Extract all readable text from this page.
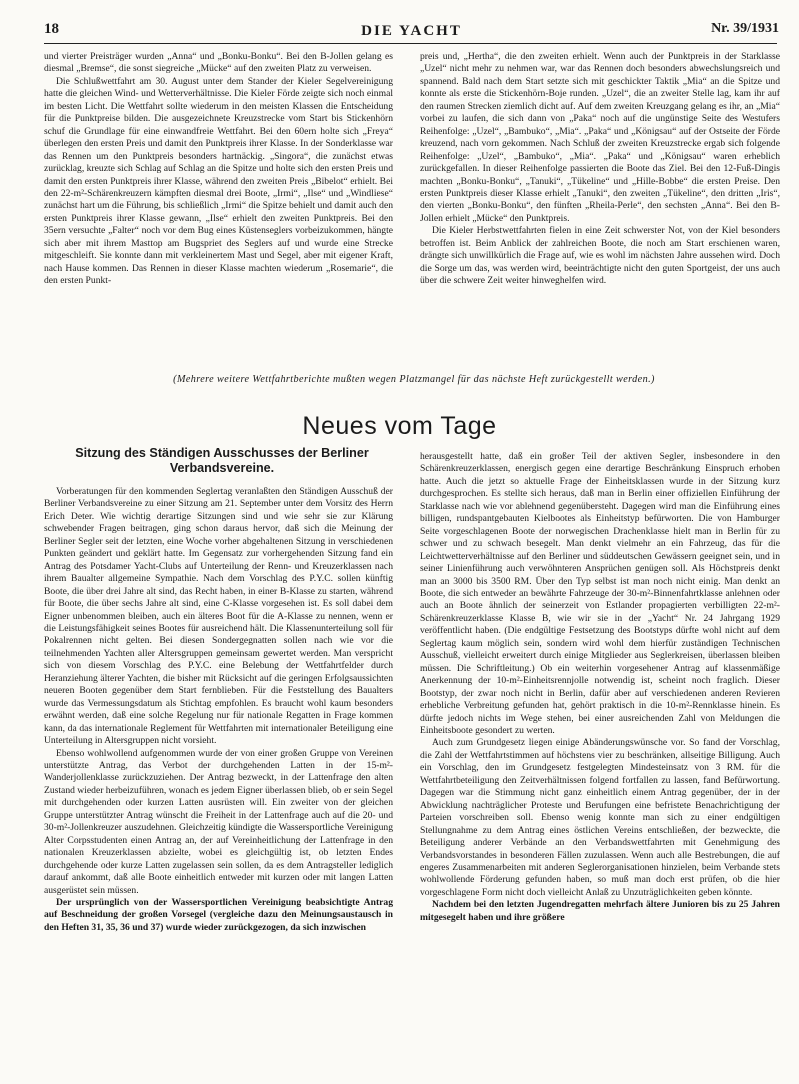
18	DIE YACHT	Nr. 39/1931

und vierter Preisträger wurden „Anna“ und „Bonku-Bonku“. Bei den B-Jollen gelang es diesmal „Bremse“, die sonst siegreiche „Mücke“ auf den zweiten Platz zu verweisen.

Die Schlußwettfahrt am 30. August unter dem Stander der Kieler Segelvereinigung hatte die gleichen Wind- und Wetterverhältnisse. Die Kieler Förde zeigte sich noch einmal im besten Licht. Die Wettfahrt sollte wiederum in den meisten Klassen die Entscheidung für die Punktpreise bilden. Die ausgezeichnete Kreuzstrecke vom Start bis Stickenhörn schuf die Grundlage für eine einwandfreie Wettfahrt. Bei den 60ern holte sich „Freya“ überlegen den ersten Preis und damit den Punktpreis ihrer Klasse. In der Sonderklasse war das Rennen um den Punktpreis besonders hartnäckig. „Singora“, die zunächst etwas zurücklag, kreuzte sich Schlag auf Schlag an die Spitze und holte sich den ersten Preis und damit den ersten Punktpreis ihrer Klasse, während den zweiten Preis „Bibelot“ erhielt. Bei den 22-m²-Schärenkreuzern kämpften diesmal drei Boote, „Irmi“, „Ilse“ und „Windliese“ zunächst hart um die Führung, bis schließlich „Irmi“ die Spitze behielt und damit auch den ersten Punktpreis ihrer Klasse gewann, „Ilse“ erhielt den zweiten Punktpreis. Bei den 35ern versuchte „Falter“ noch vor dem Bug eines Küstenseglers vorbeizukommen, hängte sich aber mit ihrem Masttop am Bugspriet des Seglers auf und wurde eine Strecke mitgeschleift. Sie konnte dann mit verkleinertem Mast und Segel, aber mit eigener Kraft, nach Hause kommen. Das Rennen in dieser Klasse machten wiederum „Rosemarie“, die den ersten Punkt-

preis und, „Hertha“, die den zweiten erhielt. Wenn auch der Punktpreis in der Starklasse „Uzel“ nicht mehr zu nehmen war, war das Rennen doch besonders abwechslungsreich und spannend. Bald nach dem Start setzte sich mit geschickter Taktik „Mia“ an die Spitze und konnte als erste die Stickenhörn-Boje runden. „Uzel“, die an zweiter Stelle lag, kam ihr auf den raumen Strecken ziemlich dicht auf. Auf dem zweiten Kreuzgang gelang es ihr, an „Mia“ vorbei zu laufen, die sich dann von „Paka“ noch auf die ungünstige Seite des Westufers Reihenfolge: „Uzel“, „Bambuko“, „Mia“. „Paka“ und „Königsau“ auf der Ostseite der Förde kreuzend, nach vorn gekommen. Nach Schluß der zweiten Kreuzstrecke ergab sich folgende Reihenfolge: „Uzel“, „Bambuko“, „Mia“. „Paka“ und „Königsau“ waren erheblich zurückgefallen. In dieser Reihenfolge passierten die Boote das Ziel. Bei den 12-Fuß-Dingis machten „Bonku-Bonku“, „Tanuki“, „Tükeline“ und „Hille-Bobbe“ die ersten Preise. Den ersten Punktpreis dieser Klasse erhielt „Tanuki“, den zweiten „Tükeline“, den dritten „Iris“, den vierten „Bonku-Bonku“, den fünften „Rheila-Perle“, den sechsten „Anna“. Bei den B-Jollen erhielt „Mücke“ den Punktpreis.

Die Kieler Herbstwettfahrten fielen in eine Zeit schwerster Not, von der Kiel besonders betroffen ist. Beim Anblick der zahlreichen Boote, die noch am Start erschienen waren, drängte sich unwillkürlich die Frage auf, wie es wohl im nächsten Jahre aussehen wird. Doch die Sorge um das, was werden wird, beeinträchtigte nicht den guten Sportgeist, der uns auch über die schwere Zeit weiter hinweghelfen wird.

(Mehrere weitere Wettfahrtberichte mußten wegen Platzmangel für das nächste Heft zurückgestellt werden.)
Neues vom Tage
Sitzung des Ständigen Ausschusses der Berliner Verbandsvereine.

Vorberatungen für den kommenden Seglertag veranlaßten den Ständigen Ausschuß der Berliner Verbandsvereine zu einer Sitzung am 21. September unter dem Vorsitz des Herrn Erich Deter. Wie wichtig derartige Sitzungen sind und wie sehr sie zur Klärung schwebender Fragen beitragen, ging schon daraus hervor, daß sich die Meinung der Berliner Segler seit der letzten, eine Woche vorher abgehaltenen Sitzung in verschiedenen Punkten geändert und geklärt hatte. Im Gegensatz zur vorhergehenden Sitzung fand ein Antrag des Potsdamer Yacht-Clubs auf Unterteilung der Renn- und Kreuzerklassen nach ihrem Baualter allgemeine Sympathie. Nach dem Vorschlag des P.Y.C. sollen künftig Boote, die über drei Jahre alt sind, das Recht haben, in einer B-Klasse zu starten, während für Boote, die über sechs Jahre alt sind, eine C-Klasse vorgesehen ist. Es soll dabei dem Eigner unbenommen bleiben, auch ein älteres Boot für die A-Klasse zu nennen, wenn er die Leistungsfähigkeit seines Bootes für ausreichend hält. Die Klassenunterteilung soll für Pokalrennen nicht gelten. Bei diesen Sondergegnatten sollen nach wie vor die teilnehmenden Yachten aller Altersgruppen gemeinsam gewertet werden. Man verspricht sich von diesem Vorschlag des P.Y.C. eine Belebung der Wettfahrtfelder durch Heranziehung älterer Yachten, die bisher mit Rücksicht auf die geringen Erfolgsaussichten neueren Booten gegenüber dem Start fernblieben. Für die Feststellung des Baualters wurde das Vermessungsdatum als Stichtag empfohlen. Es braucht wohl kaum besonders erwähnt werden, daß eine solche Regelung nur für nationale Regatten in Frage kommen kann, da das internationale Reglement für Wettfahrten mit internationaler Beteiligung eine Unterteilung in Altersgruppen nicht vorsieht.

Ebenso wohlwollend aufgenommen wurde der von einer großen Gruppe von Vereinen unterstützte Antrag, das Verbot der durchgehenden Latten in der 15-m²-Wanderjollenklasse zurückzuziehen. Der Antrag bezweckt, in der Lattenfrage den alten Zustand wieder herbeizuführen, wonach es jedem Eigner überlassen blieb, ob er sein Segel mit durchgehenden oder kurzen Latten ausrüsten will. Ein zweiter von der gleichen Gruppe unterstützter Antrag wünscht die Freiheit in der Lattenfrage auch auf die 20- und 30-m²-Jollenkreuzer auszudehnen. Gleichzeitig kündigte die Wassersportliche Vereinigung Alter Corpsstudenten einen Antrag an, der auf Vereinheitlichung der Lattenfrage in den nationalen Kreuzerklassen abzielte, wobei es gleichgültig ist, ob letzten Endes durchgehende oder kurze Latten zugelassen sein sollen, da es dem Antragsteller lediglich darauf ankommt, daß alle Boote einheitlich entweder mit kurzen oder mit langen Latten ausgerüstet sein müssen.

Der ursprünglich von der Wassersportlichen Vereinigung beabsichtigte Antrag auf Beschneidung der großen Vorsegel (vergleiche dazu den Meinungsaustausch in den Heften 31, 35, 36 und 37) wurde wieder zurückgezogen, da sich inzwischen

herausgestellt hatte, daß ein großer Teil der aktiven Segler, insbesondere in den Schärenkreuzerklassen, energisch gegen eine derartige Beschränkung Einspruch erhoben hatte. Auch die jetzt so aktuelle Frage der Einheitsklassen wurde in der Sitzung kurz durchgesprochen. Es stellte sich heraus, daß man in Berlin einer offiziellen Einführung der Starklasse nach wie vor ablehnend gegenübersteht. Dagegen wird man die Einführung eines billigen, rundspantgebauten Kielbootes als Einheitstyp befürworten. Die von Hamburger Seite vorgeschlagenen Boote der norwegischen Drachenklasse hielt man in Berlin für zu schwer und zu schwach besegelt. Man denkt vielmehr an ein Fahrzeug, das für die Leichtwetterverhältnisse auf den Berliner und süddeutschen Gewässern geeignet sein, und in seiner Linienführung auch verwöhnteren Ansprüchen genügen soll. Als Höchstpreis denkt man an 3000 bis 3500 RM. Über den Typ selbst ist man noch nicht einig. Man denkt an Boote, die sich entweder an bewährte Fahrzeuge der 30-m²-Binnenfahrtklasse anlehnen oder auch an Boote ähnlich der seinerzeit von Estlander propagierten verbilligten 22-m²-Schärenkreuzerklasse Klasse B, wie wir sie in der „Yacht“ Nr. 24 Jahrgang 1929 veröffentlicht haben. (Die endgültige Festsetzung des Bootstyps dürfte wohl nicht auf dem Seglertag kaum möglich sein, sondern wird wohl dem hierfür zuständigen Technischen Ausschuß, vielleicht erweitert durch einige Mitglieder aus Seglerkreisen, überlassen bleiben müssen. Die Schriftleitung.) Ob ein weiterhin vorgesehener Antrag auf klassenmäßige Anerkennung der 10-m²-Einheitsrennjolle notwendig ist, scheint noch fraglich. Dieser Bootstyp, der zwar noch nicht in Berlin, dafür aber auf verschiedenen anderen Revieren erhebliche Verbreitung gefunden hat, gehört praktisch in die 10-m²-Rennklasse hinein. Es dürfte jedoch nichts im Wege stehen, bei einer ausreichenden Zahl von Meldungen die Einheitsboote gesondert zu werten.

Auch zum Grundgesetz liegen einige Abänderungswünsche vor. So fand der Vorschlag, die Zahl der Wettfahrtstimmen auf höchstens vier zu beschränken, allseitige Billigung. Auch ein Vorschlag, den im Grundgesetz festgelegten Mindesteinsatz von 3 RM. für die Wettfahrtbeteiligung den Zeitverhältnissen folgend fortfallen zu lassen, fand Befürwortung. Dagegen war die Stimmung nicht ganz einheitlich einem Antrag gegenüber, der in der Abwicklung nachträglicher Proteste und Berufungen eine befristete Benachrichtigung der Parteien vorschreiben soll. Ebenso wenig konnte man sich zu einer endgültigen Stellungnahme zu dem Antrag eines östlichen Vereins entschließen, der bezweckte, die Beteiligung anderer Verbände an den Verbandswettfahrten mit Genehmigung des Verbandsvorstandes in besonderen Fällen zuzulassen. Wenn auch alle Bestrebungen, die auf engeres Zusammenarbeiten mit anderen Seglerorganisationen hinzielen, beim Verbande stets wohlwollende Förderung gefunden haben, so muß man doch erst prüfen, ob die hier vorgeschlagene Form nicht doch vielleicht Anlaß zu Unzuträglichkeiten geben könnte.

Nachdem bei den letzten Jugendregatten mehrfach ältere Junioren bis zu 25 Jahren mitgesegelt haben und ihre größere
